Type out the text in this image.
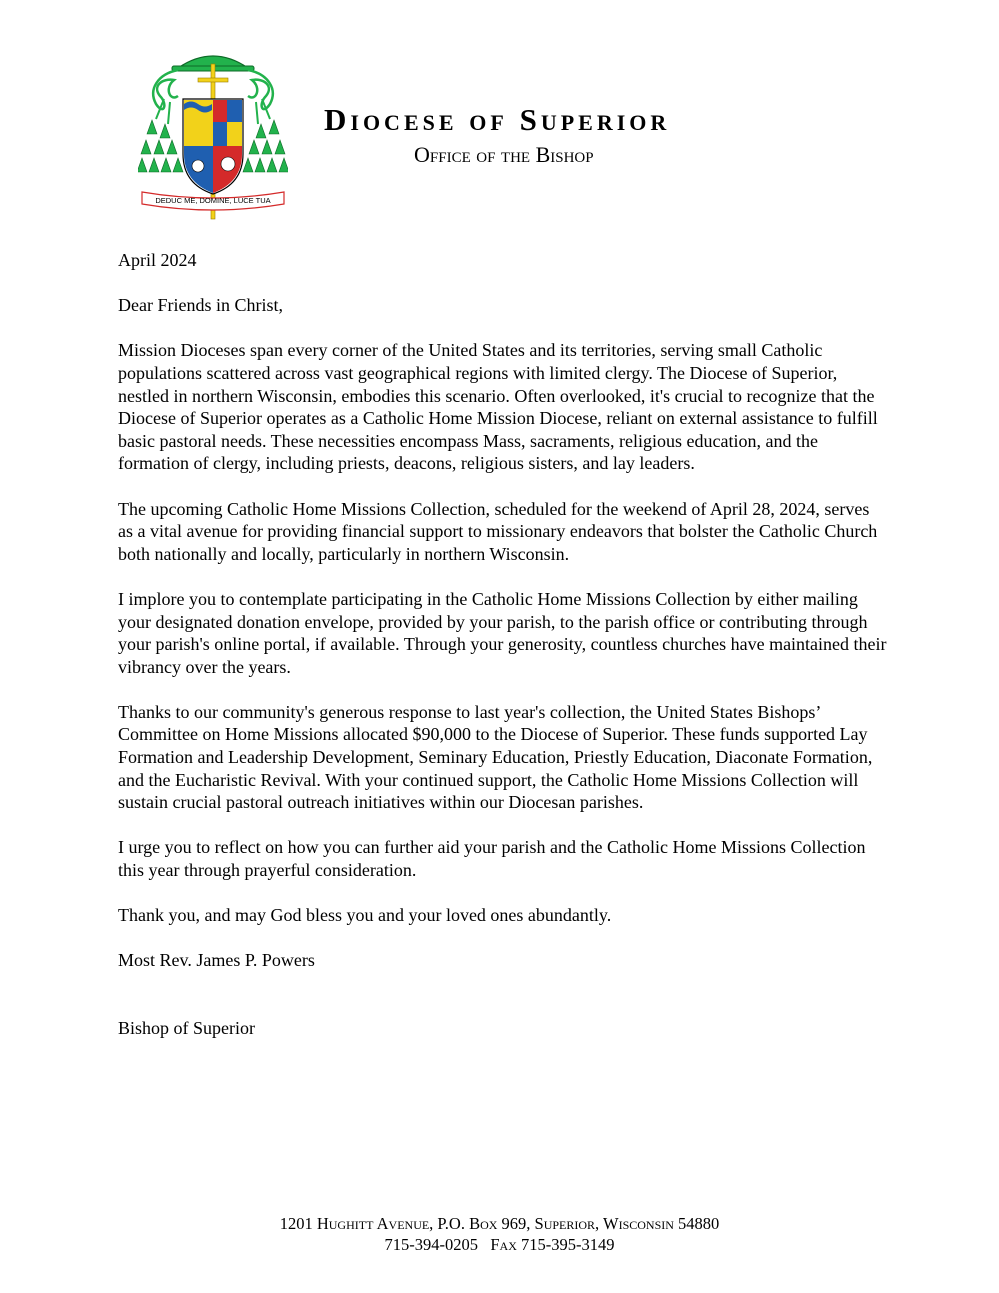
DEDUC ME, DOMINE, LUCE TUA
Diocese of Superior
Office of the Bishop

April 2024

Dear Friends in Christ,

Mission Dioceses span every corner of the United States and its territories, serving small Catholic populations scattered across vast geographical regions with limited clergy. The Diocese of Superior, nestled in northern Wisconsin, embodies this scenario. Often overlooked, it's crucial to recognize that the Diocese of Superior operates as a Catholic Home Mission Diocese, reliant on external assistance to fulfill basic pastoral needs. These necessities encompass Mass, sacraments, religious education, and the formation of clergy, including priests, deacons, religious sisters, and lay leaders.

The upcoming Catholic Home Missions Collection, scheduled for the weekend of April 28, 2024, serves as a vital avenue for providing financial support to missionary endeavors that bolster the Catholic Church both nationally and locally, particularly in northern Wisconsin.

I implore you to contemplate participating in the Catholic Home Missions Collection by either mailing your designated donation envelope, provided by your parish, to the parish office or contributing through your parish's online portal, if available. Through your generosity, countless churches have maintained their vibrancy over the years.

Thanks to our community's generous response to last year's collection, the United States Bishops’ Committee on Home Missions allocated $90,000 to the Diocese of Superior. These funds supported Lay Formation and Leadership Development, Seminary Education, Priestly Education, Diaconate Formation, and the Eucharistic Revival. With your continued support, the Catholic Home Missions Collection will sustain crucial pastoral outreach initiatives within our Diocesan parishes.

I urge you to reflect on how you can further aid your parish and the Catholic Home Missions Collection this year through prayerful consideration.

Thank you, and may God bless you and your loved ones abundantly.

Most Rev. James P. Powers

Bishop of Superior

1201 Hughitt Avenue, P.O. Box 969, Superior, Wisconsin 54880
715-394-0205 Fax 715-395-3149
